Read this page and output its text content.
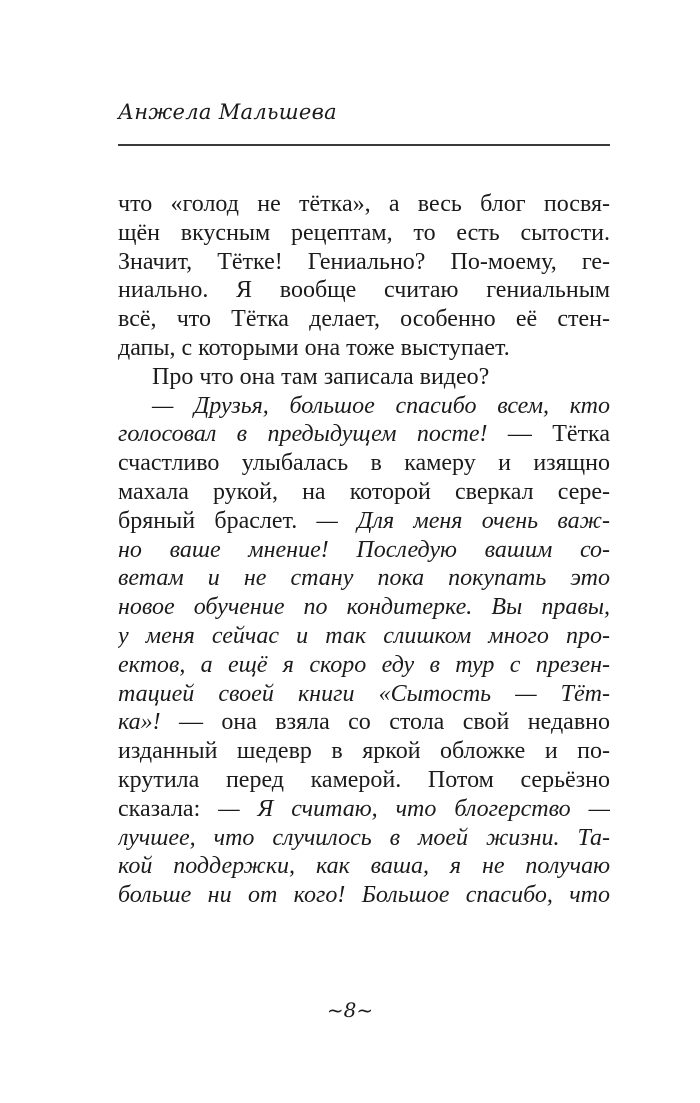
Анжела Мальшева
что «голод не тётка», а весь блог посвя-
щён вкусным рецептам, то есть сытости.
Значит, Тётке! Гениально? По-моему, ге-
ниально. Я вообще считаю гениальным
всё, что Тётка делает, особенно её стен-
дапы, с которыми она тоже выступает.
Про что она там записала видео?
— Друзья, большое спасибо всем, кто
голосовал в предыдущем посте! — Тётка
счастливо улыбалась в камеру и изящно
махала рукой, на которой сверкал сере-
бряный браслет. — Для меня очень важ-
но ваше мнение! Последую вашим со-
ветам и не стану пока покупать это
новое обучение по кондитерке. Вы правы,
у меня сейчас и так слишком много про-
ектов, а ещё я скоро еду в тур с презен-
тацией своей книги «Сытость — Тёт-
ка»! — она взяла со стола свой недавно
изданный шедевр в яркой обложке и по-
крутила перед камерой. Потом серьёзно
сказала: — Я считаю, что блогерство —
лучшее, что случилось в моей жизни. Та-
кой поддержки, как ваша, я не получаю
больше ни от кого! Большое спасибо, что
~8~
